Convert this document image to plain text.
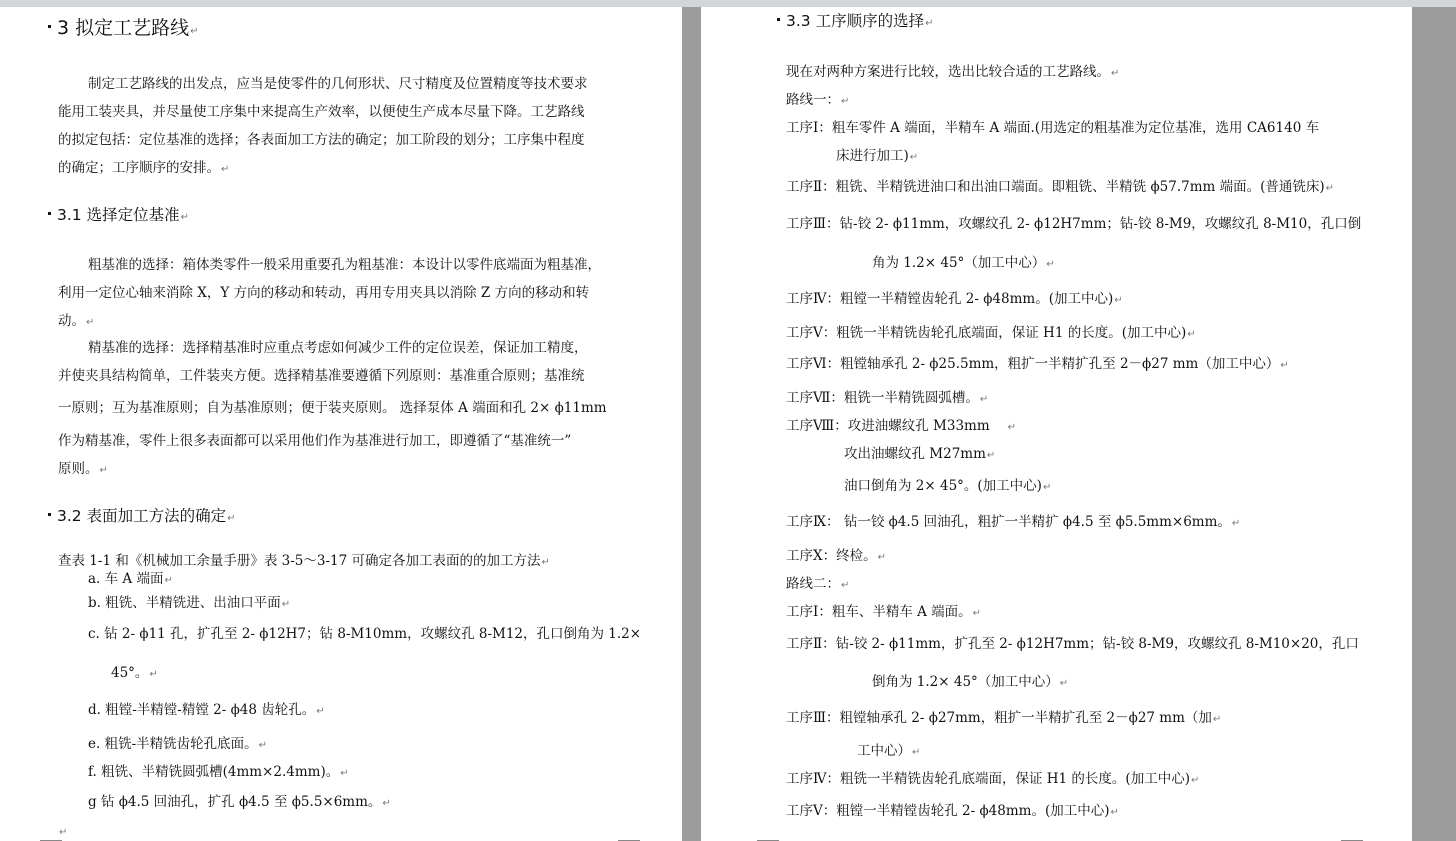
3 拟定工艺路线↵
制定工艺路线的出发点，应当是使零件的几何形状、尺寸精度及位置精度等技术要求
能用工装夹具，并尽量使工序集中来提高生产效率，以便使生产成本尽量下降。工艺路线
的拟定包括：定位基准的选择；各表面加工方法的确定；加工阶段的划分；工序集中程度
的确定；工序顺序的安排。↵
3.1 选择定位基准↵
粗基准的选择：箱体类零件一般采用重要孔为粗基准：本设计以零件底端面为粗基准，
利用一定位心轴来消除 X，Y 方向的移动和转动，再用专用夹具以消除 Z 方向的移动和转
动。↵
精基准的选择：选择精基准时应重点考虑如何减少工件的定位误差，保证加工精度，
并使夹具结构简单，工件装夹方便。选择精基准要遵循下列原则：基准重合原则；基准统
一原则；互为基准原则；自为基准原则；便于装夹原则。 选择泵体 A 端面和孔 2× ϕ11mm
作为精基准，零件上很多表面都可以采用他们作为基准进行加工，即遵循了“基准统一”
原则。↵
3.2 表面加工方法的确定↵
查表 1-1 和《机械加工余量手册》表 3-5～3-17 可确定各加工表面的的加工方法↵
a. 车 A 端面↵
b. 粗铣、半精铣进、出油口平面↵
c. 钻 2- ϕ11 孔，扩孔至 2- ϕ12H7；钻 8-M10mm，攻螺纹孔 8-M12，孔口倒角为 1.2×
45°。↵
d. 粗镗-半精镗-精镗 2- ϕ48 齿轮孔。↵
e. 粗铣-半精铣齿轮孔底面。↵
f. 粗铣、半精铣圆弧槽(4mm×2.4mm)。↵
g 钻 ϕ4.5 回油孔，扩孔 ϕ4.5 至 ϕ5.5×6mm。↵
↵
3.3 工序顺序的选择↵
现在对两种方案进行比较，选出比较合适的工艺路线。↵
路线一：↵
工序Ⅰ：粗车零件 A 端面，半精车 A 端面.(用选定的粗基准为定位基准，选用 CA6140 车
床进行加工)↵
工序Ⅱ：粗铣、半精铣进油口和出油口端面。即粗铣、半精铣 ϕ57.7mm 端面。(普通铣床)↵
工序Ⅲ：钻-铰 2- ϕ11mm，攻螺纹孔 2- ϕ12H7mm；钻-铰 8-M9，攻螺纹孔 8-M10，孔口倒
角为 1.2× 45°（加工中心）↵
工序Ⅳ：粗镗一半精镗齿轮孔 2- ϕ48mm。(加工中心)↵
工序Ⅴ：粗铣一半精铣齿轮孔底端面，保证 H1 的长度。(加工中心)↵
工序Ⅵ：粗镗轴承孔 2- ϕ25.5mm，粗扩一半精扩孔至 2－ϕ27 mm（加工中心）↵
工序Ⅶ：粗铣一半精铣圆弧槽。↵
工序Ⅷ：攻进油螺纹孔 M33mm ↵
攻出油螺纹孔 M27mm↵
油口倒角为 2× 45°。(加工中心)↵
工序Ⅸ： 钻一铰 ϕ4.5 回油孔，粗扩一半精扩 ϕ4.5 至 ϕ5.5mm×6mm。↵
工序Ⅹ：终检。↵
路线二：↵
工序Ⅰ：粗车、半精车 A 端面。↵
工序Ⅱ：钻-铰 2- ϕ11mm，扩孔至 2- ϕ12H7mm；钻-铰 8-M9，攻螺纹孔 8-M10×20，孔口
倒角为 1.2× 45°（加工中心）↵
工序Ⅲ：粗镗轴承孔 2- ϕ27mm，粗扩一半精扩孔至 2－ϕ27 mm（加↵
工中心）↵
工序Ⅳ：粗铣一半精铣齿轮孔底端面，保证 H1 的长度。(加工中心)↵
工序Ⅴ：粗镗一半精镗齿轮孔 2- ϕ48mm。(加工中心)↵
